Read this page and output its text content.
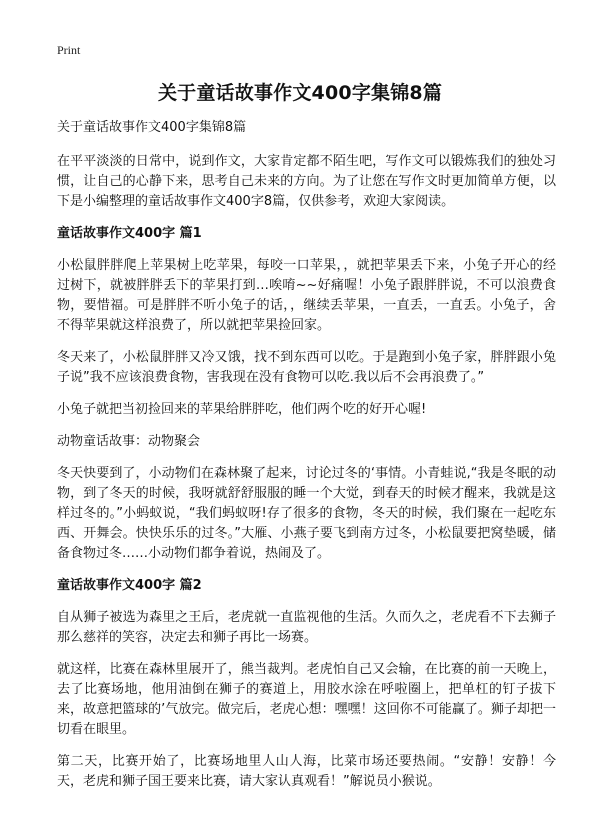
Print
关于童话故事作文400字集锦8篇
关于童话故事作文400字集锦8篇

在平平淡淡的日常中，说到作文，大家肯定都不陌生吧，写作文可以锻炼我们的独处习惯，让自己的心静下来，思考自己未来的方向。为了让您在写作文时更加简单方便，以下是小编整理的童话故事作文400字8篇，仅供参考，欢迎大家阅读。

童话故事作文400字 篇1

小松鼠胖胖爬上苹果树上吃苹果，每咬一口苹果，，就把苹果丢下来，小兔子开心的经过树下，就被胖胖丢下的苹果打到…唉唷~~好痛喔！小兔子跟胖胖说，不可以浪费食物，要惜福。可是胖胖不听小兔子的话，，继续丢苹果，一直丢，一直丢。小兔子，舍不得苹果就这样浪费了，所以就把苹果捡回家。

冬天来了，小松鼠胖胖又冷又饿，找不到东西可以吃。于是跑到小兔子家，胖胖跟小兔子说”我不应该浪费食物，害我现在没有食物可以吃.我以后不会再浪费了。”

小兔子就把当初捡回来的苹果给胖胖吃，他们两个吃的好开心喔!

动物童话故事：动物聚会

冬天快要到了，小动物们在森林聚了起来，讨论过冬的‘事情。小青蛙说,“我是冬眠的动物，到了冬天的时候，我呀就舒舒服服的睡一个大觉，到春天的时候才醒来，我就是这样过冬的。”小蚂蚁说，“我们蚂蚁呀!存了很多的食物，冬天的时候，我们聚在一起吃东西、开舞会。快快乐乐的过冬。”大雁、小燕子要飞到南方过冬，小松鼠要把窝垫暖，储备食物过冬……小动物们都争着说，热闹及了。

童话故事作文400字 篇2

自从狮子被选为森里之王后，老虎就一直监视他的生活。久而久之，老虎看不下去狮子那么慈祥的笑容，决定去和狮子再比一场赛。

就这样，比赛在森林里展开了，熊当裁判。老虎怕自己又会输，在比赛的前一天晚上，去了比赛场地，他用油倒在狮子的赛道上，用胶水涂在呼啦圈上，把单杠的钉子拔下来，故意把篮球的’气放完。做完后，老虎心想：嘿嘿！这回你不可能赢了。狮子却把一切看在眼里。

第二天，比赛开始了，比赛场地里人山人海，比菜市场还要热闹。“安静！安静！今天，老虎和狮子国王要来比赛，请大家认真观看！”解说员小猴说。
